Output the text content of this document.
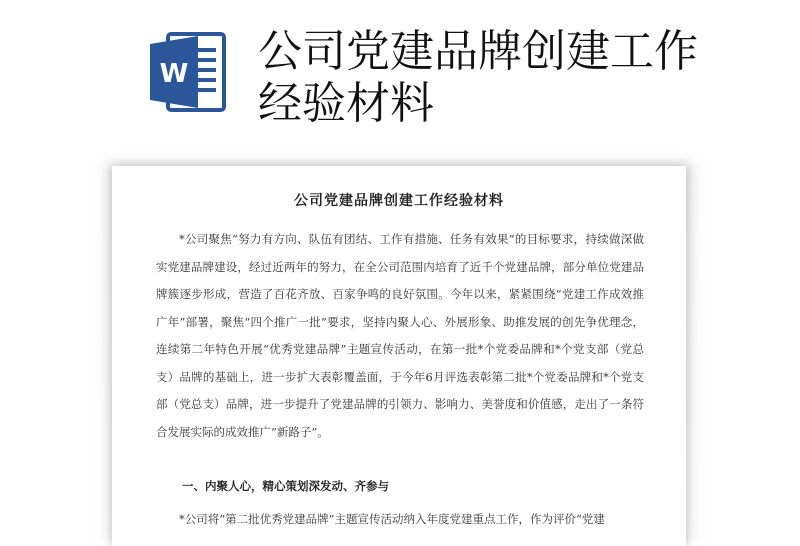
W 公司党建品牌创建工作经验材料
公司党建品牌创建工作经验材料

*公司聚焦“努力有方向、队伍有团结、工作有措施、任务有效果”的目标要求，持续做深做实党建品牌建设，经过近两年的努力，在全公司范围内培育了近千个党建品牌，部分单位党建品牌簇逐步形成，营造了百花齐放、百家争鸣的良好氛围。今年以来，紧紧围绕“党建工作成效推广年”部署，聚焦“四个推广一批”要求，坚持内聚人心、外展形象、助推发展的创先争优理念，连续第二年特色开展“优秀党建品牌”主题宣传活动，在第一批*个党委品牌和*个党支部（党总支）品牌的基础上，进一步扩大表彰覆盖面，于今年6月评选表彰第二批*个党委品牌和*个党支部（党总支）品牌，进一步提升了党建品牌的引领力、影响力、美誉度和价值感，走出了一条符合发展实际的成效推广“新路子”。

一、内聚人心，精心策划深发动、齐参与

*公司将“第二批优秀党建品牌”主题宣传活动纳入年度党建重点工作，作为评价“党建
